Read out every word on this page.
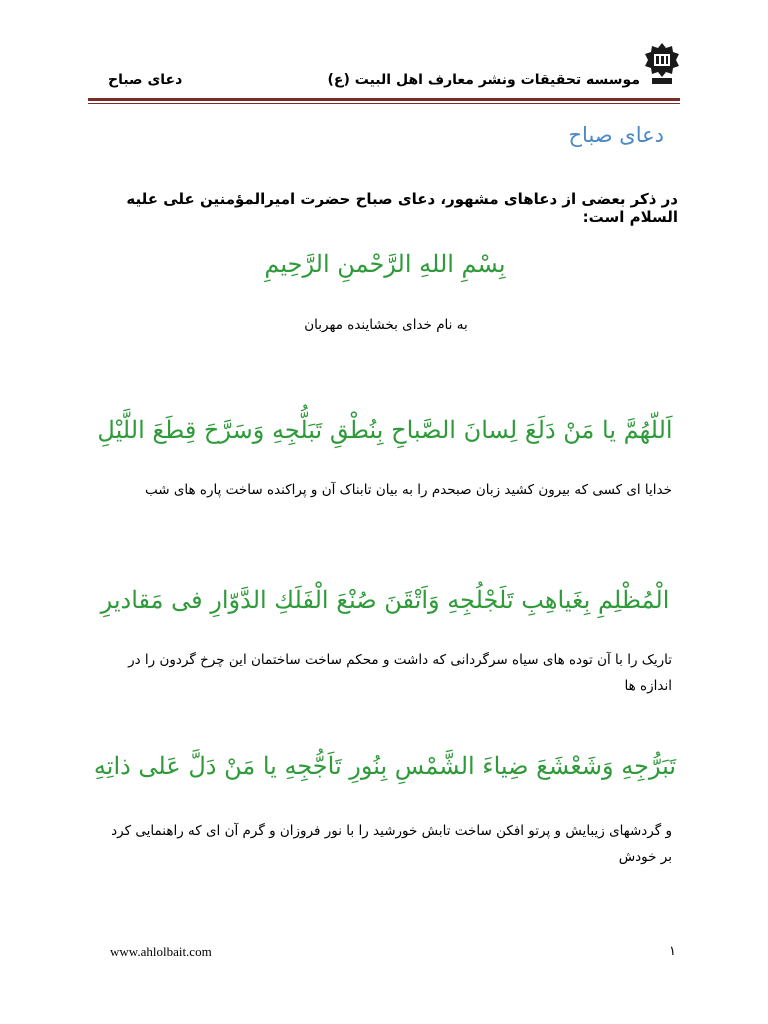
دعای صباح	موسسه تحقیقات ونشر معارف اهل البیت (ع)
دعای صباح
در ذکر بعضی از دعاهای مشهور، دعای صباح حضرت امیرالمؤمنین علی علیه السلام است:
بِسْمِ اللهِ الرَّحْمنِ الرَّحِيمِ
به نام خدای بخشاینده مهربان
اَللّهُمَّ يا مَنْ دَلَعَ لِسانَ الصَّباحِ بِنُطْقِ تَبَلُّجِهِ وَسَرَّحَ قِطَعَ اللَّيْلِ
خدایا ای کسی که بیرون کشید زبان صبحدم را به بیان تابناک آن و پراکنده ساخت پاره های شب
الْمُظْلِمِ بِغَياهِبِ تَلَجْلُجِهِ وَاَتْقَنَ صُنْعَ الْفَلَكِ الدَّوّارِ فى مَقاديرِ
تاریک را با آن توده های سیاه سرگردانی که داشت و محکم ساخت ساختمان این چرخ گردون را در اندازه ها
تَبَرُّجِهِ وَشَعْشَعَ ضِياءَ الشَّمْسِ بِنُورِ تَاَجُّجِهِ يا مَنْ دَلَّ عَلى ذاتِهِ
و گردشهای زیبایش و پرتو افکن ساخت تابش خورشید را با نور فروزان و گرم آن ای که راهنمایی کرد بر خودش
www.ahlolbait.com	١
